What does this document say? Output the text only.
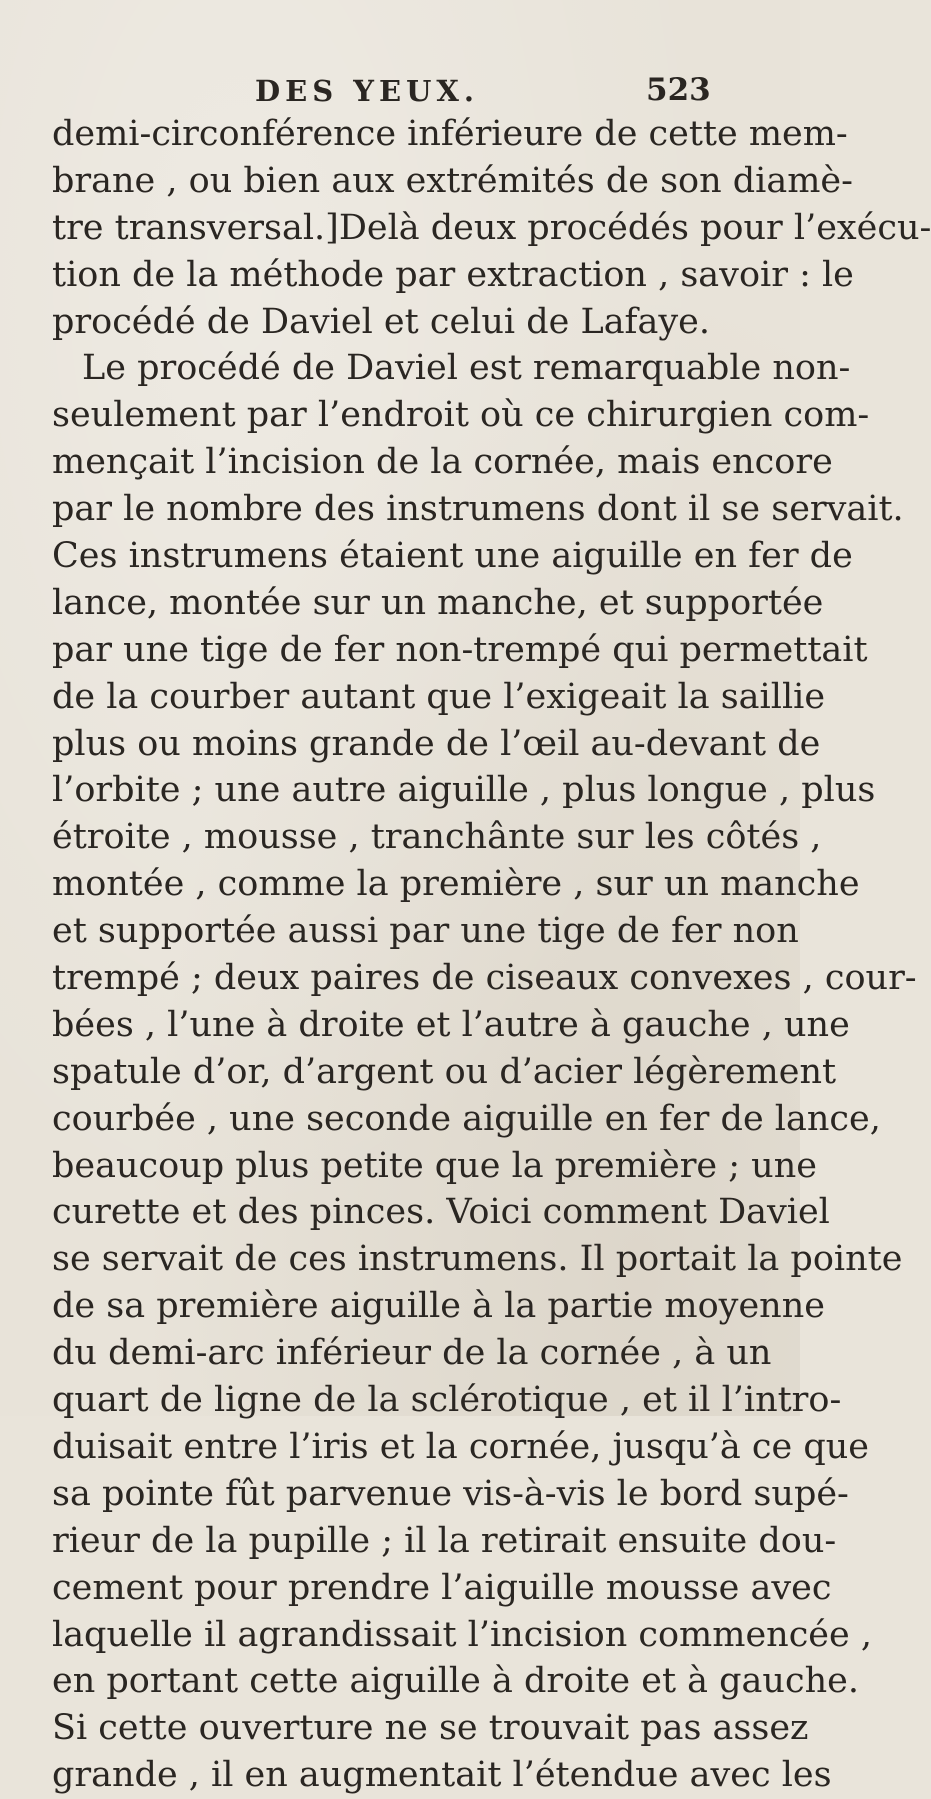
DES YEUX.	523
demi-circonférence inférieure de cette mem-
brane , ou bien aux extrémités de son diamè-
tre transversal.]Delà deux procédés pour l’exécu-
tion de la méthode par extraction , savoir : le
procédé de Daviel et celui de Lafaye.
Le procédé de Daviel est remarquable non-
seulement par l’endroit où ce chirurgien com-
mençait l’incision de la cornée, mais encore
par le nombre des instrumens dont il se servait.
Ces instrumens étaient une aiguille en fer de
lance, montée sur un manche, et supportée
par une tige de fer non-trempé qui permettait
de la courber autant que l’exigeait la saillie
plus ou moins grande de l’œil au-devant de
l’orbite ; une autre aiguille , plus longue , plus
étroite , mousse , tranchânte sur les côtés ,
montée , comme la première , sur un manche
et supportée aussi par une tige de fer non
trempé ; deux paires de ciseaux convexes , cour-
bées , l’une à droite et l’autre à gauche , une
spatule d’or, d’argent ou d’acier légèrement
courbée , une seconde aiguille en fer de lance,
beaucoup plus petite que la première ; une
curette et des pinces. Voici comment Daviel
se servait de ces instrumens. Il portait la pointe
de sa première aiguille à la partie moyenne
du demi-arc inférieur de la cornée , à un
quart de ligne de la sclérotique , et il l’intro-
duisait entre l’iris et la cornée, jusqu’à ce que
sa pointe fût parvenue vis-à-vis le bord supé-
rieur de la pupille ; il la retirait ensuite dou-
cement pour prendre l’aiguille mousse avec
laquelle il agrandissait l’incision commencée ,
en portant cette aiguille à droite et à gauche.
Si cette ouverture ne se trouvait pas assez
grande , il en augmentait l’étendue avec les
